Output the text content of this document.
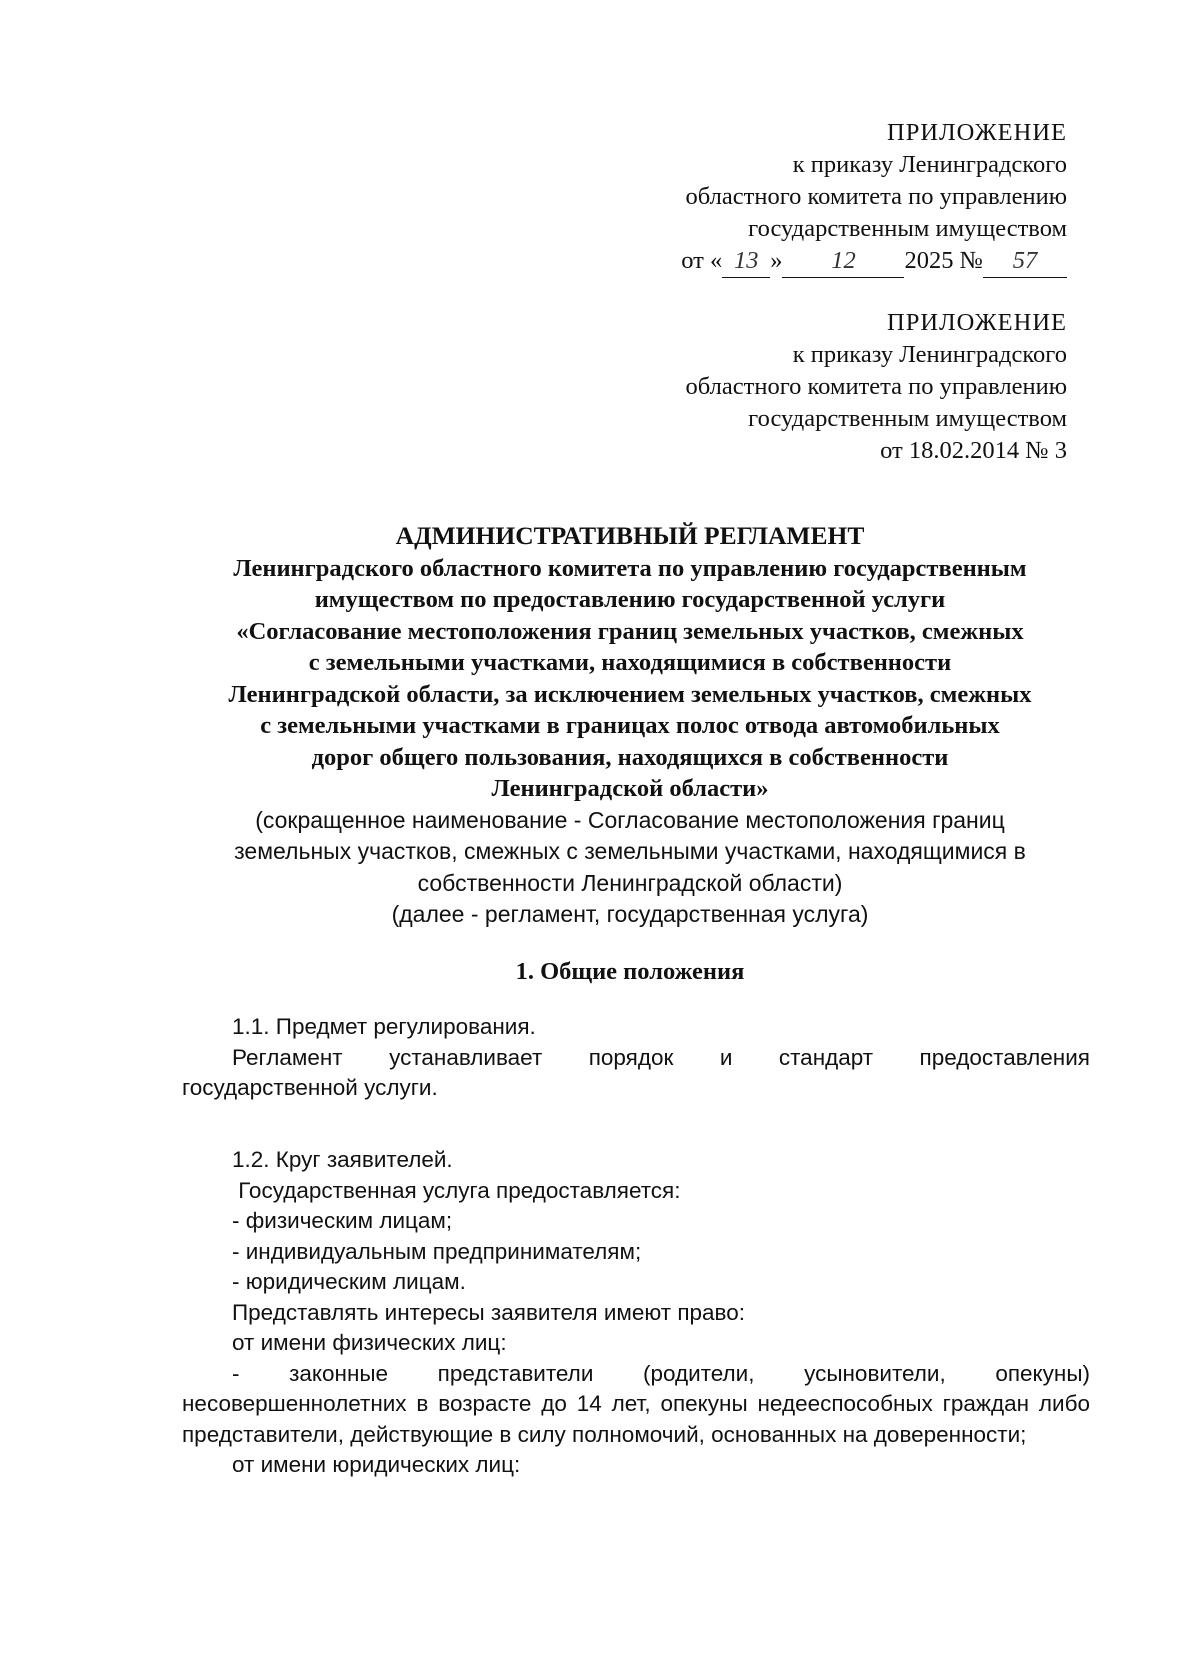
ПРИЛОЖЕНИЕ
к приказу Ленинградского
областного комитета по управлению
государственным имуществом
от « 13 » 12 2025 № 57
ПРИЛОЖЕНИЕ
к приказу Ленинградского
областного комитета по управлению
государственным имуществом
от 18.02.2014 № 3
АДМИНИСТРАТИВНЫЙ РЕГЛАМЕНТ
Ленинградского областного комитета по управлению государственным
имуществом по предоставлению государственной услуги
«Согласование местоположения границ земельных участков, смежных
с земельными участками, находящимися в собственности
Ленинградской области, за исключением земельных участков, смежных
с земельными участками в границах полос отвода автомобильных
дорог общего пользования, находящихся в собственности
Ленинградской области»
(сокращенное наименование - Согласование местоположения границ
земельных участков, смежных с земельными участками, находящимися в
собственности Ленинградской области)
(далее - регламент, государственная услуга)
1. Общие положения

1.1. Предмет регулирования.

Регламент    устанавливает    порядок    и    стандарт    предоставления

государственной услуги.

1.2. Круг заявителей.

Государственная услуга предоставляется:

- физическим лицам;

- индивидуальным предпринимателям;

- юридическим лицам.

Представлять интересы заявителя имеют право:

от имени физических лиц:

-      законные      представители      (родители,      усыновители,      опекуны) несовершеннолетних в возрасте до 14 лет, опекуны недееспособных граждан либо представители, действующие в силу полномочий, основанных на доверенности;

от имени юридических лиц:
